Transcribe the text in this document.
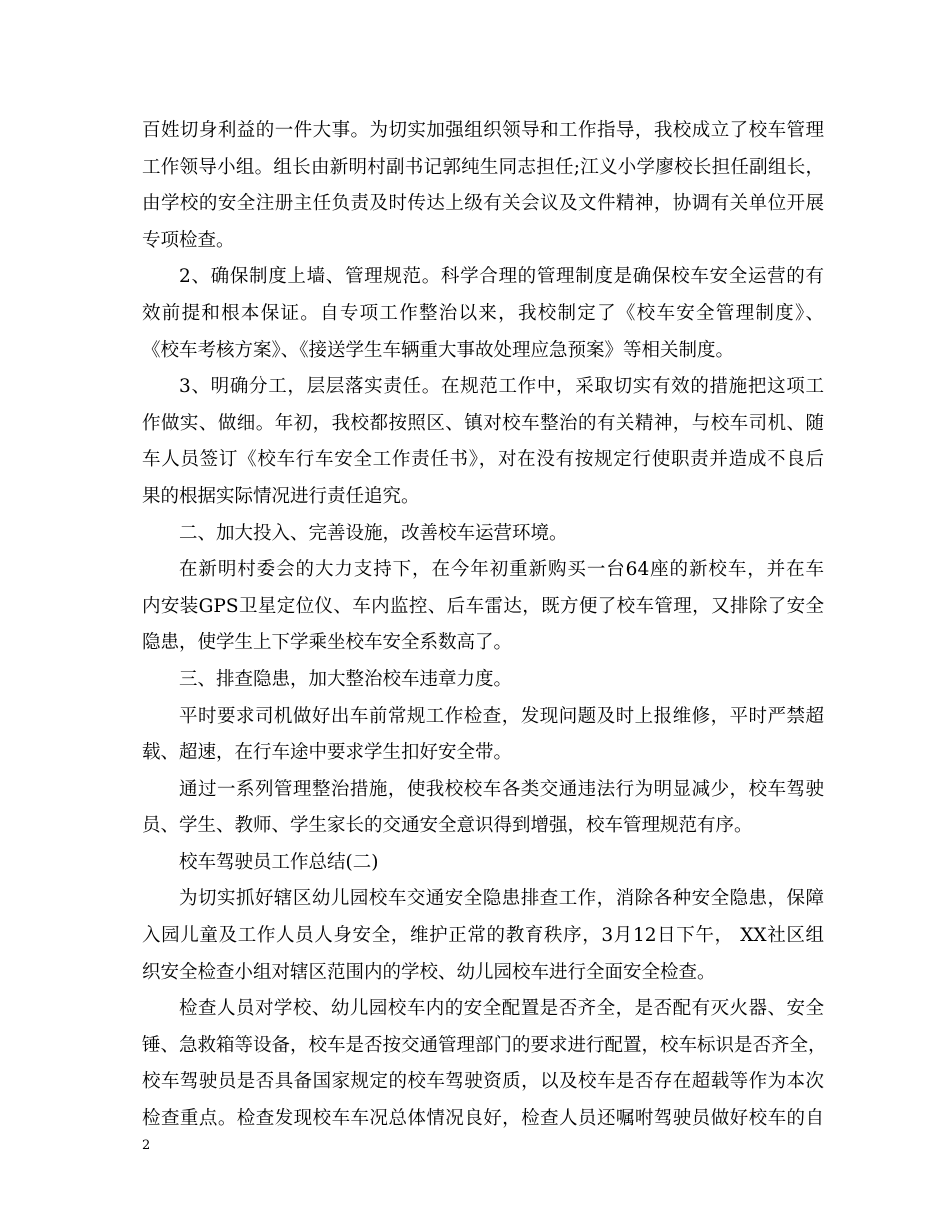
百姓切身利益的一件大事。为切实加强组织领导和工作指导，我校成立了校车管理
工作领导小组。组长由新明村副书记郭纯生同志担任;江义小学廖校长担任副组长，
由学校的安全注册主任负责及时传达上级有关会议及文件精神，协调有关单位开展
专项检查。
2、确保制度上墙、管理规范。科学合理的管理制度是确保校车安全运营的有
效前提和根本保证。自专项工作整治以来，我校制定了《校车安全管理制度》、
《校车考核方案》、《接送学生车辆重大事故处理应急预案》等相关制度。
3、明确分工，层层落实责任。在规范工作中，采取切实有效的措施把这项工
作做实、做细。年初，我校都按照区、镇对校车整治的有关精神，与校车司机、随
车人员签订《校车行车安全工作责任书》，对在没有按规定行使职责并造成不良后
果的根据实际情况进行责任追究。
二、加大投入、完善设施，改善校车运营环境。
在新明村委会的大力支持下，在今年初重新购买一台64座的新校车，并在车
内安装GPS卫星定位仪、车内监控、后车雷达，既方便了校车管理，又排除了安全
隐患，使学生上下学乘坐校车安全系数高了。
三、排查隐患，加大整治校车违章力度。
平时要求司机做好出车前常规工作检查，发现问题及时上报维修，平时严禁超
载、超速，在行车途中要求学生扣好安全带。
通过一系列管理整治措施，使我校校车各类交通违法行为明显减少，校车驾驶
员、学生、教师、学生家长的交通安全意识得到增强，校车管理规范有序。
校车驾驶员工作总结(二)
为切实抓好辖区幼儿园校车交通安全隐患排查工作，消除各种安全隐患，保障
入园儿童及工作人员人身安全，维护正常的教育秩序，3月12日下午， XX社区组
织安全检查小组对辖区范围内的学校、幼儿园校车进行全面安全检查。
检查人员对学校、幼儿园校车内的安全配置是否齐全，是否配有灭火器、安全
锤、急救箱等设备，校车是否按交通管理部门的要求进行配置，校车标识是否齐全，
校车驾驶员是否具备国家规定的校车驾驶资质，以及校车是否存在超载等作为本次
检查重点。检查发现校车车况总体情况良好，检查人员还嘱咐驾驶员做好校车的自
2
